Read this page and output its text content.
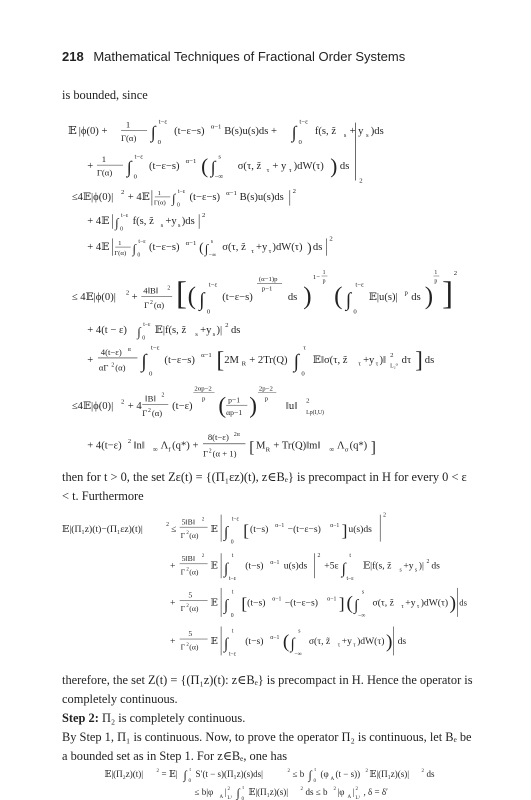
218 Mathematical Techniques of Fractional Order Systems
is bounded, since
𝔼 |ϕ(0) +
1
Γ(α) ∫
t−ε
0
(t−ε−s) α−1 B(s)u(s)ds + ∫
t−ε
0
f(s, z̃ s + y s )ds
+
1
Γ(α) ∫
t−ε
0
(t−ε−s) α−1 ( ∫
s
−∞
σ(τ, z̃ τ + y τ )dW(τ) ) ds
2
≤4𝔼|ϕ(0)| 2 + 4𝔼 1
Γ(α) ∫ t−ε
0
(t−ε−s) α−1 B(s)u(s)ds
2
+ 4𝔼 ∫ t−ε
0
f(s, z̃ s +y s )ds
2
+ 4𝔼 1
Γ(α) ∫ t−ε
0
(t−ε−s) α−1 ( ∫ s
−∞
σ(τ, z̃ τ +y τ )dW(τ) ) ds
2
≤ 4𝔼|ϕ(0)| 2 +
4‖B‖ 2
Γ 2 (α) [ ( ∫
t−ε
0
(t−ε−s)
(α−1)p
p−1
ds )
1−
1
p
( ∫
t−ε
0
𝔼|u(s)| p ds )
1
p ]
2
+ 4(t − ε) ∫ t−ε
0
𝔼|f(s, z̃ s +y s )| 2 ds
+
4(t−ε) α
αΓ 2 (α) ∫
t−ε
0
(t−ε−s) α−1 [ 2M R + 2Tr(Q) ∫
τ
0
𝔼‖σ(τ, z̃ τ +y τ )‖ 2
L₂⁰
dτ ] ds
≤4𝔼|ϕ(0)| 2 + 4
‖B‖ 2
Γ 2 (α)
(t−ε)
2αp−2
p ( p−1
αp−1 )
2p−2
p
‖u‖
2
Lp(I,U)
+ 4(t−ε) 2 ‖n‖ ∞ Λ f (q*) +
8(t−ε) 2α
Γ 2 (α + 1) [ M R + Tr(Q)‖m‖ ∞ Λ σ (q*) ]
then for t > 0, the set Zε(t) = {(Π₁εz)(t), z∈Bₑ} is precompact in H for every 0 < ε < t. Furthermore
𝔼|(Π₁z)(t)−(Π₁εz)(t)|	2 ≤
5‖B‖ 2
Γ 2 (α)
𝔼 ∫
t−ε
0
[ (t−s) α−1 −(t−ε−s) α−1 ] u(s)ds
2
+
5‖B‖ 2
Γ 2 (α)
𝔼 ∫
t
t−ε
(t−s) α−1 u(s)ds
2
+5ε ∫
t
t−ε
𝔼|f(s, z̃ s +y s )| 2 ds
+
5
Γ 2 (α)
𝔼 ∫
t
0
[ (t−s) α−1 −(t−ε−s) α−1 ] ( ∫
s
−∞
σ(τ, z̃ τ +y τ )dW(τ) ) ds
+
5
Γ 2 (α)
𝔼 ∫
t
t−ε
(t−s) α−1 ( ∫
s
−∞
σ(τ, z̃ τ +y τ )dW(τ) ) ds
therefore, the set Z(t) = {(Π₁z)(t): z∈Bₑ} is precompact in H. Hence the operator is completely continuous.
Step 2: Π₂ is completely continuous.
By Step 1, Π₁ is continuous. Now, to prove the operator Π₂ is continuous, let Bₑ be a bounded set as in Step 1. For z∈Bₑ, one has
𝔼|(Π₂z)(t)|	2 = 𝔼| ∫ t
0
S′(t − s)(Π₁z)(s)ds|	2 ≤ b ∫ t
0
(φ
A
(t − s)) 2 𝔼|(Π₁z)(s)| 2 ds
≤ b|φ
A
| 2
L¹ ∫ t
0
𝔼|(Π₁z)(s)| 2 ds ≤ b 2 |φ
A
| 2
L¹
, δ = δ′
